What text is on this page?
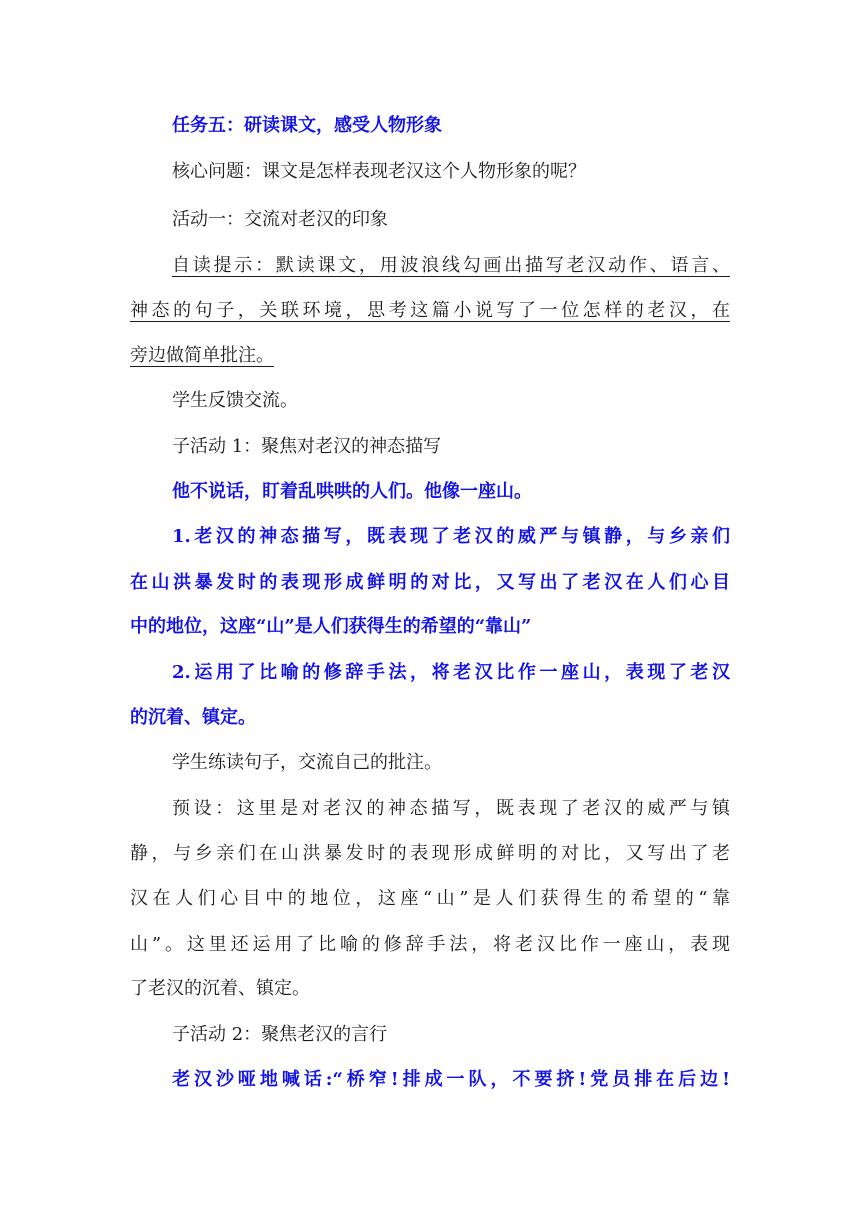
任务五：研读课文，感受人物形象
核心问题：课文是怎样表现老汉这个人物形象的呢？
活动一：交流对老汉的印象
自读提示：默读课文，用波浪线勾画出描写老汉动作、语言、
神态的句子，关联环境，思考这篇小说写了一位怎样的老汉，在
旁边做简单批注。
学生反馈交流。
子活动 1：聚焦对老汉的神态描写
他不说话，盯着乱哄哄的人们。他像一座山。
1.老汉的神态描写，既表现了老汉的威严与镇静，与乡亲们
在山洪暴发时的表现形成鲜明的对比，又写出了老汉在人们心目
中的地位，这座“山”是人们获得生的希望的“靠山”
2.运用了比喻的修辞手法，将老汉比作一座山，表现了老汉
的沉着、镇定。
学生练读句子，交流自己的批注。
预设：这里是对老汉的神态描写，既表现了老汉的威严与镇
静，与乡亲们在山洪暴发时的表现形成鲜明的对比，又写出了老
汉在人们心目中的地位，这座“山”是人们获得生的希望的“靠
山”。这里还运用了比喻的修辞手法，将老汉比作一座山，表现
了老汉的沉着、镇定。
子活动 2：聚焦老汉的言行
老汉沙哑地喊话:“桥窄!排成一队，不要挤!党员排在后边!
